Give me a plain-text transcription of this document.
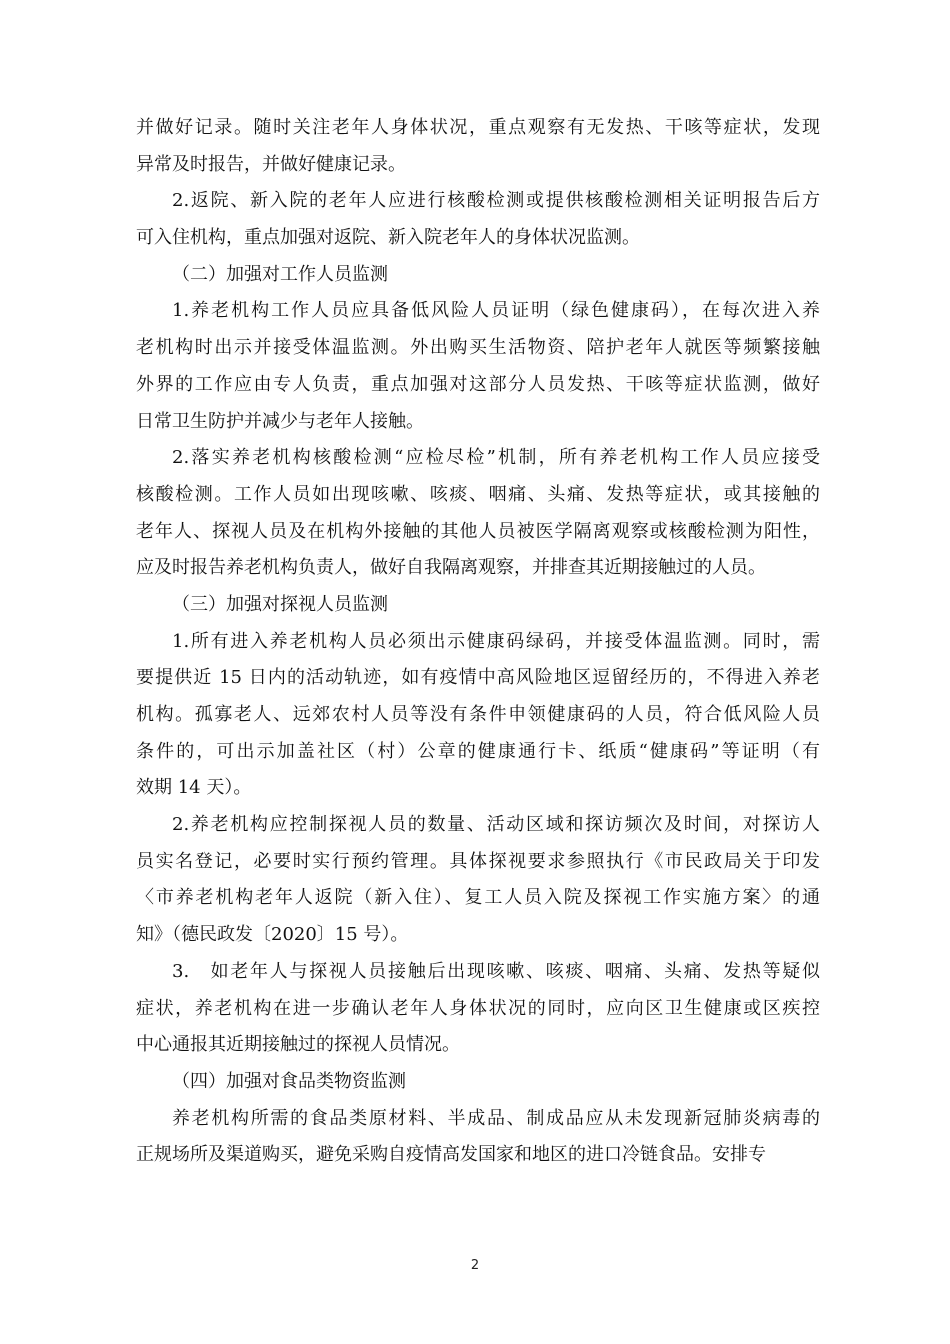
并做好记录。随时关注老年人身体状况，重点观察有无发热、干咳等症状，发现
异常及时报告，并做好健康记录。
2.返院、新入院的老年人应进行核酸检测或提供核酸检测相关证明报告后方
可入住机构，重点加强对返院、新入院老年人的身体状况监测。
（二）加强对工作人员监测
1.养老机构工作人员应具备低风险人员证明（绿色健康码），在每次进入养
老机构时出示并接受体温监测。外出购买生活物资、陪护老年人就医等频繁接触
外界的工作应由专人负责，重点加强对这部分人员发热、干咳等症状监测，做好
日常卫生防护并减少与老年人接触。
2.落实养老机构核酸检测“应检尽检”机制，所有养老机构工作人员应接受
核酸检测。工作人员如出现咳嗽、咳痰、咽痛、头痛、发热等症状，或其接触的
老年人、探视人员及在机构外接触的其他人员被医学隔离观察或核酸检测为阳性，
应及时报告养老机构负责人，做好自我隔离观察，并排查其近期接触过的人员。
（三）加强对探视人员监测
1.所有进入养老机构人员必须出示健康码绿码，并接受体温监测。同时，需
要提供近 15 日内的活动轨迹，如有疫情中高风险地区逗留经历的，不得进入养老
机构。孤寡老人、远郊农村人员等没有条件申领健康码的人员，符合低风险人员
条件的，可出示加盖社区（村）公章的健康通行卡、纸质“健康码”等证明（有
效期 14 天）。
2.养老机构应控制探视人员的数量、活动区域和探访频次及时间，对探访人
员实名登记，必要时实行预约管理。具体探视要求参照执行《市民政局关于印发
〈市养老机构老年人返院（新入住）、复工人员入院及探视工作实施方案〉的通
知》（德民政发〔2020〕15 号）。
3.　如老年人与探视人员接触后出现咳嗽、咳痰、咽痛、头痛、发热等疑似
症状，养老机构在进一步确认老年人身体状况的同时，应向区卫生健康或区疾控
中心通报其近期接触过的探视人员情况。
（四）加强对食品类物资监测
养老机构所需的食品类原材料、半成品、制成品应从未发现新冠肺炎病毒的
正规场所及渠道购买，避免采购自疫情高发国家和地区的进口冷链食品。安排专
2
